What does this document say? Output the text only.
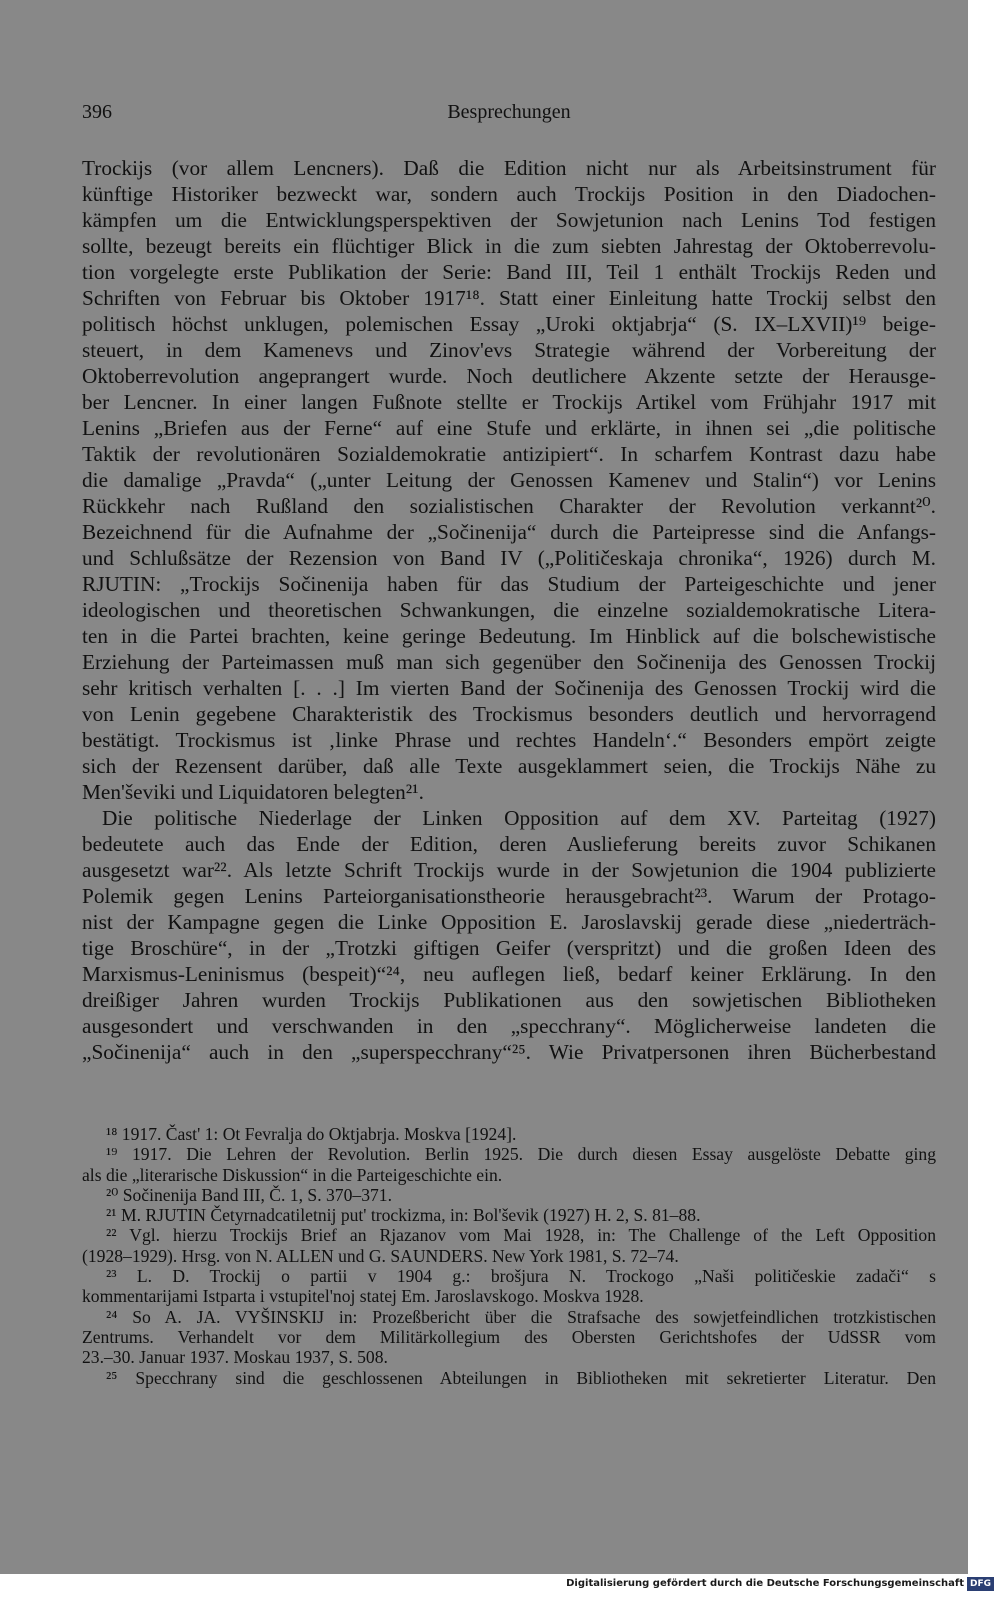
396	Besprechungen
Trockijs (vor allem Lencners). Daß die Edition nicht nur als Arbeitsinstrument für
künftige Historiker bezweckt war, sondern auch Trockijs Position in den Diadochen-
kämpfen um die Entwicklungsperspektiven der Sowjetunion nach Lenins Tod festigen
sollte, bezeugt bereits ein flüchtiger Blick in die zum siebten Jahrestag der Oktoberrevolu-
tion vorgelegte erste Publikation der Serie: Band III, Teil 1 enthält Trockijs Reden und
Schriften von Februar bis Oktober 1917¹⁸. Statt einer Einleitung hatte Trockij selbst den
politisch höchst unklugen, polemischen Essay „Uroki oktjabrja“ (S. IX–LXVII)¹⁹ beige-
steuert, in dem Kamenevs und Zinov'evs Strategie während der Vorbereitung der
Oktoberrevolution angeprangert wurde. Noch deutlichere Akzente setzte der Herausge-
ber Lencner. In einer langen Fußnote stellte er Trockijs Artikel vom Frühjahr 1917 mit
Lenins „Briefen aus der Ferne“ auf eine Stufe und erklärte, in ihnen sei „die politische
Taktik der revolutionären Sozialdemokratie antizipiert“. In scharfem Kontrast dazu habe
die damalige „Pravda“ („unter Leitung der Genossen Kamenev und Stalin“) vor Lenins
Rückkehr nach Rußland den sozialistischen Charakter der Revolution verkannt²⁰.
Bezeichnend für die Aufnahme der „Sočinenija“ durch die Parteipresse sind die Anfangs-
und Schlußsätze der Rezension von Band IV („Političeskaja chronika“, 1926) durch M.
RJUTIN: „Trockijs Sočinenija haben für das Studium der Parteigeschichte und jener
ideologischen und theoretischen Schwankungen, die einzelne sozialdemokratische Litera-
ten in die Partei brachten, keine geringe Bedeutung. Im Hinblick auf die bolschewistische
Erziehung der Parteimassen muß man sich gegenüber den Sočinenija des Genossen Trockij
sehr kritisch verhalten [. . .] Im vierten Band der Sočinenija des Genossen Trockij wird die
von Lenin gegebene Charakteristik des Trockismus besonders deutlich und hervorragend
bestätigt. Trockismus ist ‚linke Phrase und rechtes Handeln‘.“ Besonders empört zeigte
sich der Rezensent darüber, daß alle Texte ausgeklammert seien, die Trockijs Nähe zu
Men'ševiki und Liquidatoren belegten²¹.
Die politische Niederlage der Linken Opposition auf dem XV. Parteitag (1927)
bedeutete auch das Ende der Edition, deren Auslieferung bereits zuvor Schikanen
ausgesetzt war²². Als letzte Schrift Trockijs wurde in der Sowjetunion die 1904 publizierte
Polemik gegen Lenins Parteiorganisationstheorie herausgebracht²³. Warum der Protago-
nist der Kampagne gegen die Linke Opposition E. Jaroslavskij gerade diese „niederträch-
tige Broschüre“, in der „Trotzki giftigen Geifer (verspritzt) und die großen Ideen des
Marxismus-Leninismus (bespeit)“²⁴, neu auflegen ließ, bedarf keiner Erklärung. In den
dreißiger Jahren wurden Trockijs Publikationen aus den sowjetischen Bibliotheken
ausgesondert und verschwanden in den „specchrany“. Möglicherweise landeten die
„Sočinenija“ auch in den „superspecchrany“²⁵. Wie Privatpersonen ihren Bücherbestand
¹⁸ 1917. Čast' 1: Ot Fevralja do Oktjabrja. Moskva [1924].
¹⁹ 1917. Die Lehren der Revolution. Berlin 1925. Die durch diesen Essay ausgelöste Debatte ging
als die „literarische Diskussion“ in die Parteigeschichte ein.
²⁰ Sočinenija Band III, Č. 1, S. 370–371.
²¹ M. RJUTIN Četyrnadcatiletnij put' trockizma, in: Bol'ševik (1927) H. 2, S. 81–88.
²² Vgl. hierzu Trockijs Brief an Rjazanov vom Mai 1928, in: The Challenge of the Left Opposition
(1928–1929). Hrsg. von N. ALLEN und G. SAUNDERS. New York 1981, S. 72–74.
²³ L. D. Trockij o partii v 1904 g.: brošjura N. Trockogo „Naši političeskie zadači“ s
kommentarijami Istparta i vstupitel'noj statej Em. Jaroslavskogo. Moskva 1928.
²⁴ So A. JA. VYŠINSKIJ in: Prozeßbericht über die Strafsache des sowjetfeindlichen trotzkistischen
Zentrums. Verhandelt vor dem Militärkollegium des Obersten Gerichtshofes der UdSSR vom
23.–30. Januar 1937. Moskau 1937, S. 508.
²⁵ Specchrany sind die geschlossenen Abteilungen in Bibliotheken mit sekretierter Literatur. Den
Digitalisierung gefördert durch die Deutsche Forschungsgemeinschaft DFG
